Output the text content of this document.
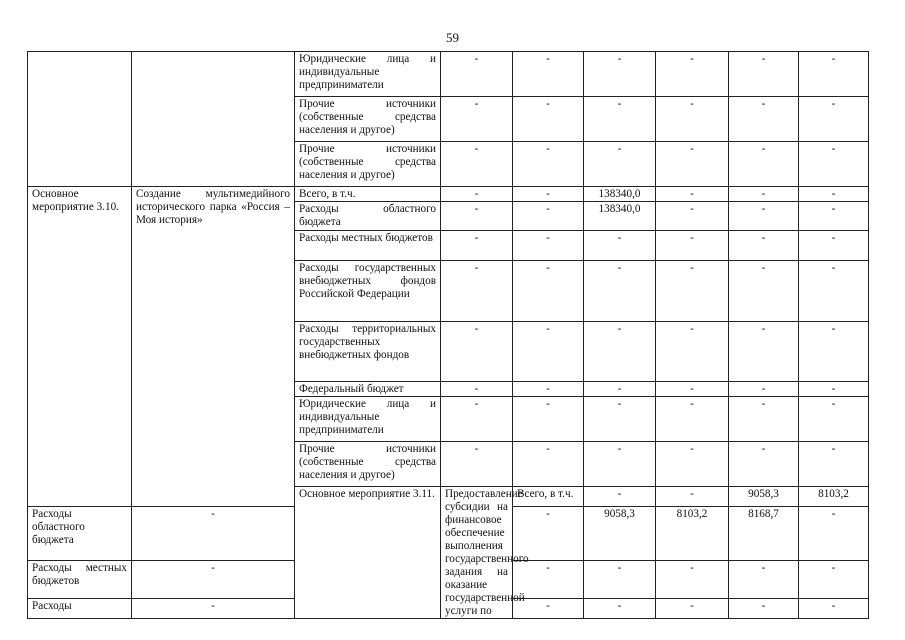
59
		Юридические лица и индивидуальные предприниматели	-	-	-	-	-	-	
		Прочие источники (собственные средства населения и другое)	-	-	-	-	-	-	
		Прочие источники (собственные средства населения и другое)	-	-	-	-	-	-	
Основное мероприятие 3.10.	Создание мультимедийного исторического парка «Россия – Моя история»	Всего, в т.ч.	-	-	138340,0	-	-	-	
		Расходы областного бюджета	-	-	138340,0	-	-	-	
		Расходы местных бюджетов	-	-	-	-	-	-	
		Расходы государственных внебюджетных фондов Российской Федерации	-	-	-	-	-	-	
		Расходы территориальных государственных внебюджетных фондов	-	-	-	-	-	-	
		Федеральный бюджет	-	-	-	-	-	-	
		Юридические лица и индивидуальные предприниматели	-	-	-	-	-	-	
		Прочие источники (собственные средства населения и другое)	-	-	-	-	-	-	
		Основное мероприятие 3.11.	Предоставление субсидии на финансовое обеспечение выполнения государственного задания на оказание государственной услуги по	Всего, в т.ч.	-	-	9058,3	8103,2		
Расходы областного бюджета	-			-	9058,3	8103,2	8168,7	-	
Расходы местных бюджетов	-			-	-	-	-	-	
Расходы	-			-	-	-	-	-	
